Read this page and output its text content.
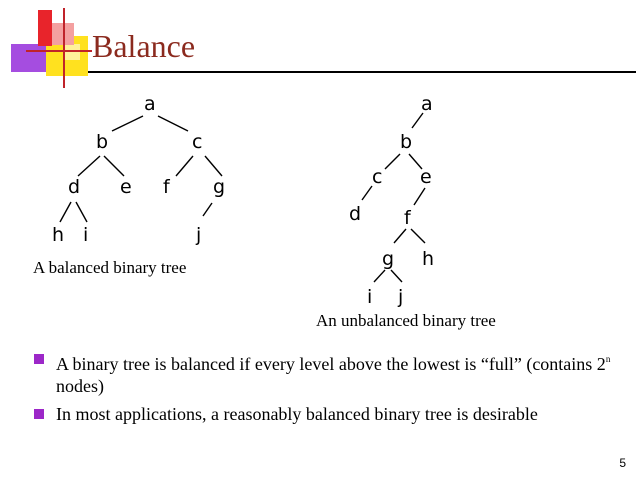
Balance
a
b	c
d e f g
h i	j
a
b
c e
d f
g h
i j
A balanced binary tree
An unbalanced binary tree
A binary tree is balanced if every level above the lowest is “full” (contains 2$^n$ nodes)
In most applications, a reasonably balanced binary tree is desirable
5
